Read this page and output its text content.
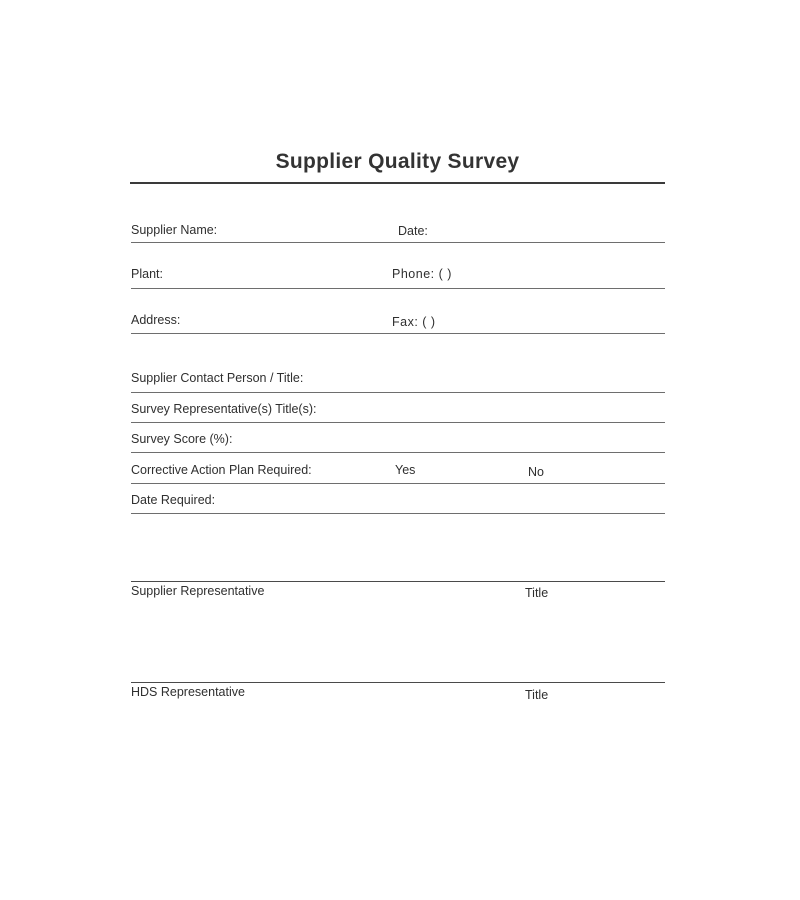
Supplier Quality Survey
Supplier Name:	Date:
Plant:	Phone: ( )
Address:	Fax: ( )
Supplier Contact Person / Title:
Survey Representative(s) Title(s):
Survey Score (%):
Corrective Action Plan Required:	Yes	No
Date Required:
Supplier Representative	Title
HDS Representative	Title
